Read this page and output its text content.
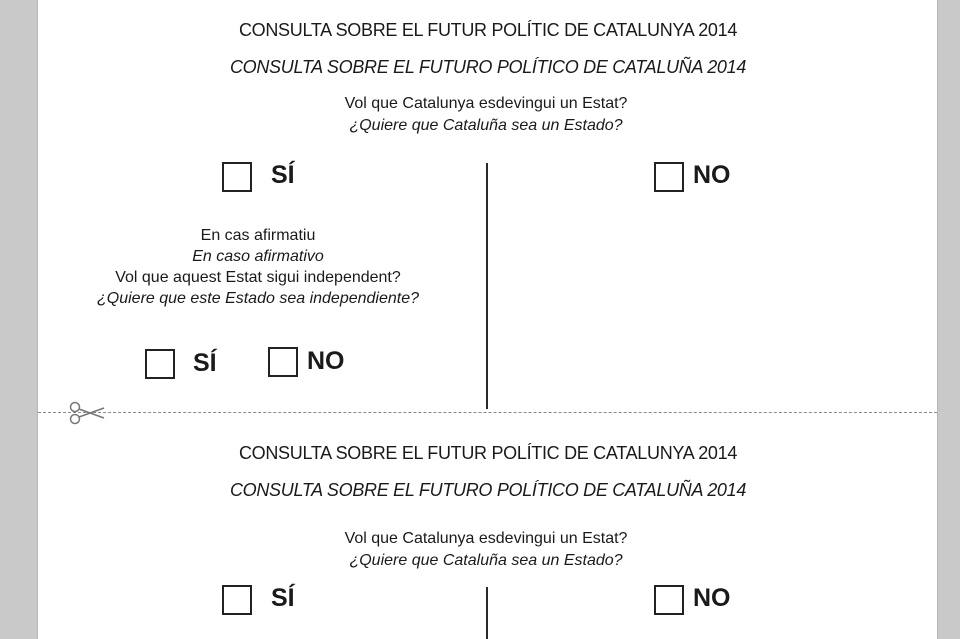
CONSULTA SOBRE EL FUTUR POLÍTIC DE CATALUNYA 2014
CONSULTA SOBRE EL FUTURO POLÍTICO DE CATALUÑA 2014
Vol que Catalunya esdevingui un Estat?
¿Quiere que Cataluña sea un Estado?
SÍ	NO
En cas afirmatiu
En caso afirmativo
Vol que aquest Estat sigui independent?
¿Quiere que este Estado sea independiente?
SÍ	NO
CONSULTA SOBRE EL FUTUR POLÍTIC DE CATALUNYA 2014
CONSULTA SOBRE EL FUTURO POLÍTICO DE CATALUÑA 2014
Vol que Catalunya esdevingui un Estat?
¿Quiere que Cataluña sea un Estado?
SÍ	NO
